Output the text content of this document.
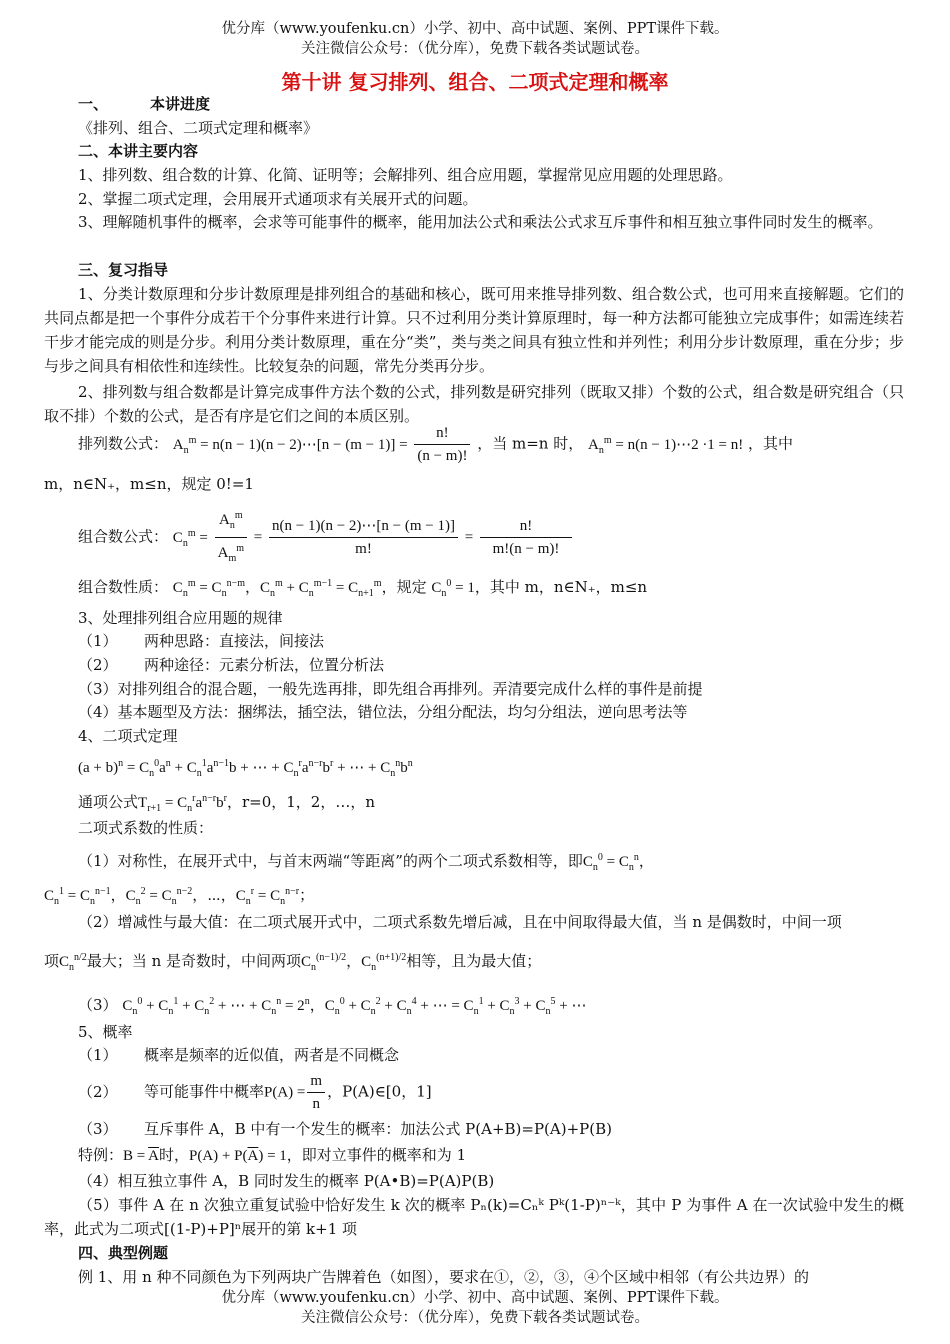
优分库（www.youfenku.cn）小学、初中、高中试题、案例、PPT课件下载。
关注微信公众号：（优分库），免费下载各类试题试卷。
第十讲 复习排列、组合、二项式定理和概率
一、	本讲进度
《排列、组合、二项式定理和概率》
二、本讲主要内容
1、排列数、组合数的计算、化简、证明等；会解排列、组合应用题，掌握常见应用题的处理思路。
2、掌握二项式定理，会用展开式通项求有关展开式的问题。
3、理解随机事件的概率，会求等可能事件的概率，能用加法公式和乘法公式求互斥事件和相互独立事件同时发生的概率。
三、复习指导
1、分类计数原理和分步计数原理是排列组合的基础和核心，既可用来推导排列数、组合数公式，也可用来直接解题。它们的共同点都是把一个事件分成若干个分事件来进行计算。只不过利用分类计算原理时，每一种方法都可能独立完成事件；如需连续若干步才能完成的则是分步。利用分类计数原理，重在分“类”，类与类之间具有独立性和并列性；利用分步计数原理，重在分步；步与步之间具有相依性和连续性。比较复杂的问题，常先分类再分步。
2、排列数与组合数都是计算完成事件方法个数的公式，排列数是研究排列（既取又排）个数的公式，组合数是研究组合（只取不排）个数的公式，是否有序是它们之间的本质区别。
排列数公式： $A_n^m = n(n - 1)(n$ − 2)⋯[n − $(m - 1)] = \frac{n!}{(n - m)!}$ ，当 m=n 时， $A_n^m = n(n$ − 1)⋯2 ·1 = n! ，其中
m，n∈N₊，m≤n，规定 0!=1
组合数公式： $C_n^m = \frac{A_n^m}{A_m^m} = \frac{n(n - 1)(n - 2)\cdots[n - (m - 1)]}{m!} = \frac{n!}{m!(n - m)!}$
组合数性质： $C_n^m = C_n^{n-m}$，$C_n^m + C_n^{m-1} = C_{n+1}^m$，规定 $C_n^0 = 1$，其中 m，n∈N₊，m≤n
3、处理排列组合应用题的规律
（1） 两种思路：直接法，间接法
（2） 两种途径：元素分析法，位置分析法
（3）对排列组合的混合题，一般先选再排，即先组合再排列。弄清要完成什么样的事件是前提
（4）基本题型及方法：捆绑法，插空法，错位法，分组分配法，均匀分组法，逆向思考法等
4、二项式定理
$(a + b)^n = C_n^0a^n + C_n^1a^{n-1}b$ + ⋯ + $C_n^ra^{n-r}b^r$ + ⋯ + $C_n^nb^n$
通项公式$T_{r+1} = C_n^ra^{n-r}b^r$，r=0，1，2，…，n
二项式系数的性质：
（1）对称性，在展开式中，与首末两端“等距离”的两个二项式系数相等，即$C_n^0 = C_n^n$，
$C_n^1 = C_n^{n-1}$，$C_n^2 = C_n^{n-2}$，⋯，$C_n^r = C_n^{n-r}$；
（2）增减性与最大值：在二项式展开式中，二项式系数先增后减，且在中间取得最大值，当 n 是偶数时，中间一项
项$C_n^{n/2}$最大；当 n 是奇数时，中间两项$C_n^{(n-1)/2}$，$C_n^{(n+1)/2}$相等，且为最大值；
（3） $C_n^0 + C_n^1 + C_n^2$ + ⋯ + $C_n^n = 2^n$，$C_n^0 + C_n^2 + C_n^4$ + ⋯ = $C_n^1 + C_n^3 + C_n^5$ + ⋯
5、概率
（1） 概率是频率的近似值，两者是不同概念
（2） 等可能事件中概率$P(A) = \frac{m}{n}$ ，P(A)∈[0，1]
（3） 互斥事件 A，B 中有一个发生的概率：加法公式 P(A+B)=P(A)+P(B)
特例：$B = \overline{A}$时，$P(A) + P(\overline{A}) = 1$，即对立事件的概率和为 1
（4）相互独立事件 A，B 同时发生的概率 P(A•B)=P(A)P(B)
（5）事件 A 在 n 次独立重复试验中恰好发生 k 次的概率 Pₙ(k)=Cₙᵏ Pᵏ(1-P)ⁿ⁻ᵏ，其中 P 为事件 A 在一次试验中发生的概率，此式为二项式[(1-P)+P]ⁿ展开的第 k+1 项
四、典型例题
例 1、用 n 种不同颜色为下列两块广告牌着色（如图），要求在①，②，③，④个区域中相邻（有公共边界）的
优分库（www.youfenku.cn）小学、初中、高中试题、案例、PPT课件下载。
关注微信公众号：（优分库），免费下载各类试题试卷。
